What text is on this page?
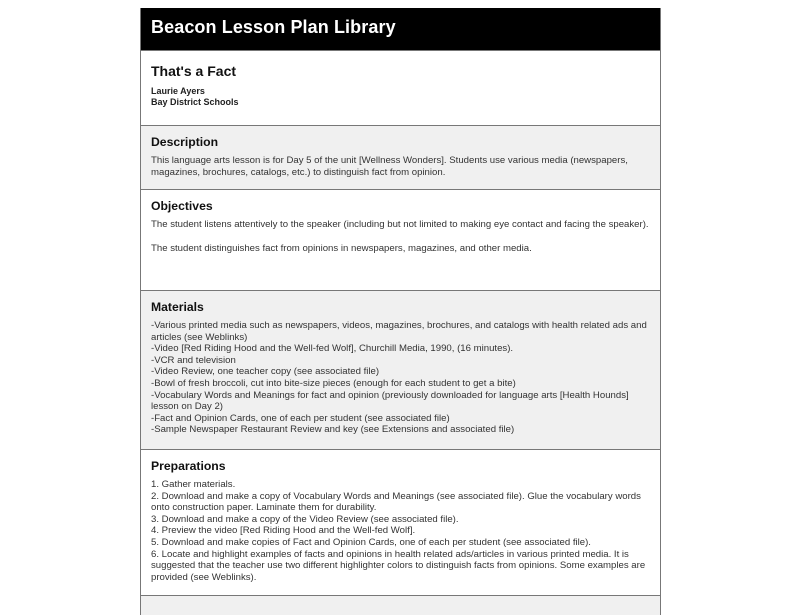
Beacon Lesson Plan Library
That's a Fact
Laurie Ayers
Bay District Schools
Description

This language arts lesson is for Day 5 of the unit [Wellness Wonders]. Students use various media (newspapers, magazines, brochures, catalogs, etc.) to distinguish fact from opinion.

Objectives

The student listens attentively to the speaker (including but not limited to making eye contact and facing the speaker).

The student distinguishes fact from opinions in newspapers, magazines, and other media.

Materials
-Various printed media such as newspapers, videos, magazines, brochures, and catalogs with health related ads and articles (see Weblinks)
-Video [Red Riding Hood and the Well-fed Wolf], Churchill Media, 1990, (16 minutes).
-VCR and television
-Video Review, one teacher copy (see associated file)
-Bowl of fresh broccoli, cut into bite-size pieces (enough for each student to get a bite)
-Vocabulary Words and Meanings for fact and opinion (previously downloaded for language arts [Health Hounds] lesson on Day 2)
-Fact and Opinion Cards, one of each per student (see associated file)
-Sample Newspaper Restaurant Review and key (see Extensions and associated file)
Preparations
1. Gather materials.
2. Download and make a copy of Vocabulary Words and Meanings (see associated file). Glue the vocabulary words onto construction paper. Laminate them for durability.
3. Download and make a copy of the Video Review (see associated file).
4. Preview the video [Red Riding Hood and the Well-fed Wolf].
5. Download and make copies of Fact and Opinion Cards, one of each per student (see associated file).
6. Locate and highlight examples of facts and opinions in health related ads/articles in various printed media. It is suggested that the teacher use two different highlighter colors to distinguish facts from opinions. Some examples are provided (see Weblinks).
